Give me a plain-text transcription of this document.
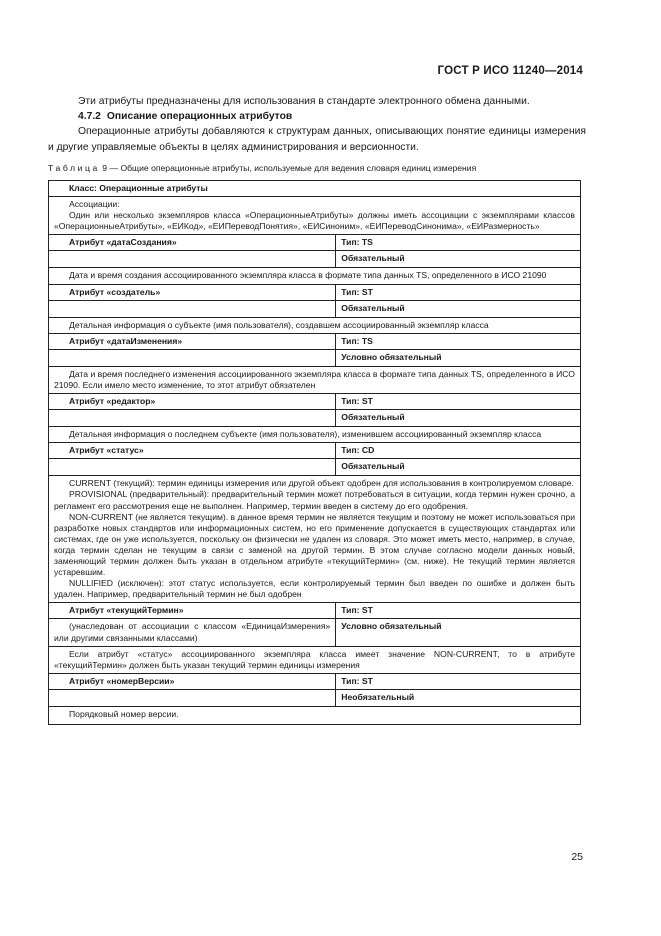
ГОСТ Р ИСО 11240—2014
Эти атрибуты предназначены для использования в стандарте электронного обмена данными.
4.7.2 Описание операционных атрибутов
Операционные атрибуты добавляются к структурам данных, описывающих понятие единицы измерения и другие управляемые объекты в целях администрирования и версионности.
Таблица 9 — Общие операционные атрибуты, используемые для ведения словаря единиц измерения
Класс: Операционные атрибуты	

Ассоциации:
Один или несколько экземпляров класса «ОперационныеАтрибуты» должны иметь ассоциации с экземплярами классов «ОперационныеАтрибуты», «ЕИКод», «ЕИПереводПонятия», «ЕИСиноним», «ЕИПереводСинонима», «ЕИРазмерность»	

Атрибут «датаСоздания»	Тип: TS
	Обязательный

Дата и время создания ассоциированного экземпляра класса в формате типа данных TS, определенного в ИСО 21090	

Атрибут «создатель»	Тип: ST
	Обязательный

Детальная информация о субъекте (имя пользователя), создавшем ассоциированный экземпляр класса	

Атрибут «датаИзменения»	Тип: TS
	Условно обязательный

Дата и время последнего изменения ассоциированного экземпляра класса в формате типа данных TS, определенного в ИСО 21090. Если имело место изменение, то этот атрибут обязателен	

Атрибут «редактор»	Тип: ST
	Обязательный

Детальная информация о последнем субъекте (имя пользователя), изменившем ассоциированный экземпляр класса	

Атрибут «статус»	Тип: CD
	Обязательный

CURRENT (текущий): термин единицы измерения или другой объект одобрен для использования в контролируемом словаре.
PROVISIONAL (предварительный): предварительный термин может потребоваться в ситуации, когда термин нужен срочно, а регламент его рассмотрения еще не выполнен. Например, термин введен в систему до его одобрения.
NON-CURRENT (не является текущим). в данное время термин не является текущим и поэтому не может использоваться при разработке новых стандартов или информационных систем, но его применение допускается в существующих стандартах или системах, где он уже используется, поскольку он физически не удален из словаря. Это может иметь место, например, в случае, когда термин сделан не текущим в связи с заменой на другой термин. В этом случае согласно модели данных новый, заменяющий термин должен быть указан в отдельном атрибуте «текущийТермин» (см. ниже). Не текущий термин является устаревшим.
NULLIFIED (исключен): этот статус используется, если контролируемый термин был введен по ошибке и должен быть удален. Например, предварительный термин не был одобрен	

Атрибут «текущийТермин»	Тип: ST

(унаследован от ассоциации с классом «ЕдиницаИзмерения» или другими связанными классами)	Условно обязательный

Если атрибут «статус» ассоциированного экземпляра класса имеет значение NON-CURRENT, то в атрибуте «текущийТермин» должен быть указан текущий термин единицы измерения	

Атрибут «номерВерсии»	Тип: ST
	Необязательный

Порядковый номер версии.	
25
